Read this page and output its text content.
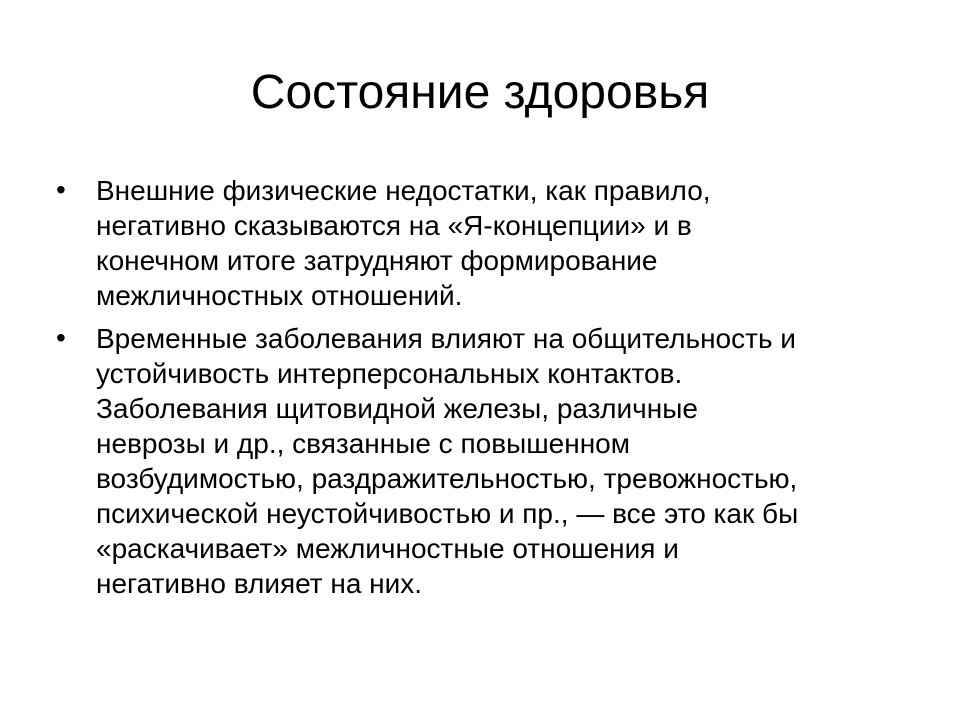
Состояние здоровья
•	Внешние физические недостатки, как правило,
негативно сказываются на «Я-концепции» и в
конечном итоге затрудняют формирование
межличностных отношений.
•	Временные заболевания влияют на общительность и
устойчивость интерперсональных контактов.
Заболевания щитовидной железы, различные
неврозы и др., связанные с повышенном
возбудимостью, раздражительностью, тревожностью,
психической неустойчивостью и пр., — все это как бы
«раскачивает» межличностные отношения и
негативно влияет на них.
